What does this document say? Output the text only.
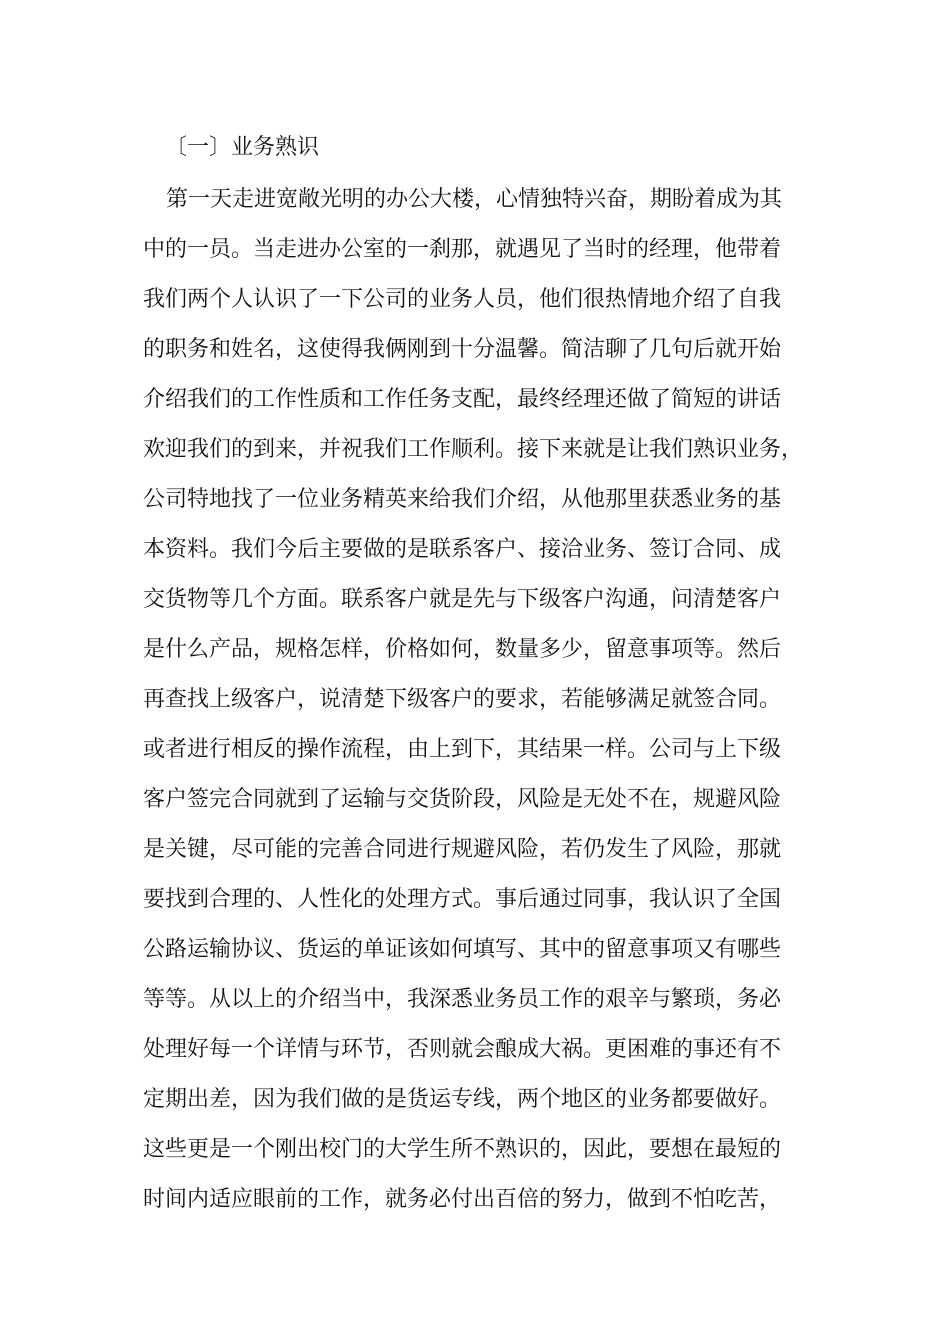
〔一〕业务熟识
第一天走进宽敞光明的办公大楼，心情独特兴奋，期盼着成为其
中的一员。当走进办公室的一刹那，就遇见了当时的经理，他带着
我们两个人认识了一下公司的业务人员，他们很热情地介绍了自我
的职务和姓名，这使得我俩刚到十分温馨。简洁聊了几句后就开始
介绍我们的工作性质和工作任务支配，最终经理还做了简短的讲话
欢迎我们的到来，并祝我们工作顺利。接下来就是让我们熟识业务，
公司特地找了一位业务精英来给我们介绍，从他那里获悉业务的基
本资料。我们今后主要做的是联系客户、接洽业务、签订合同、成
交货物等几个方面。联系客户就是先与下级客户沟通，问清楚客户
是什么产品，规格怎样，价格如何，数量多少，留意事项等。然后
再查找上级客户，说清楚下级客户的要求，若能够满足就签合同。
或者进行相反的操作流程，由上到下，其结果一样。公司与上下级
客户签完合同就到了运输与交货阶段，风险是无处不在，规避风险
是关键，尽可能的完善合同进行规避风险，若仍发生了风险，那就
要找到合理的、人性化的处理方式。事后通过同事，我认识了全国
公路运输协议、货运的单证该如何填写、其中的留意事项又有哪些
等等。从以上的介绍当中，我深悉业务员工作的艰辛与繁琐，务必
处理好每一个详情与环节，否则就会酿成大祸。更困难的事还有不
定期出差，因为我们做的是货运专线，两个地区的业务都要做好。
这些更是一个刚出校门的大学生所不熟识的，因此，要想在最短的
时间内适应眼前的工作，就务必付出百倍的努力，做到不怕吃苦，
